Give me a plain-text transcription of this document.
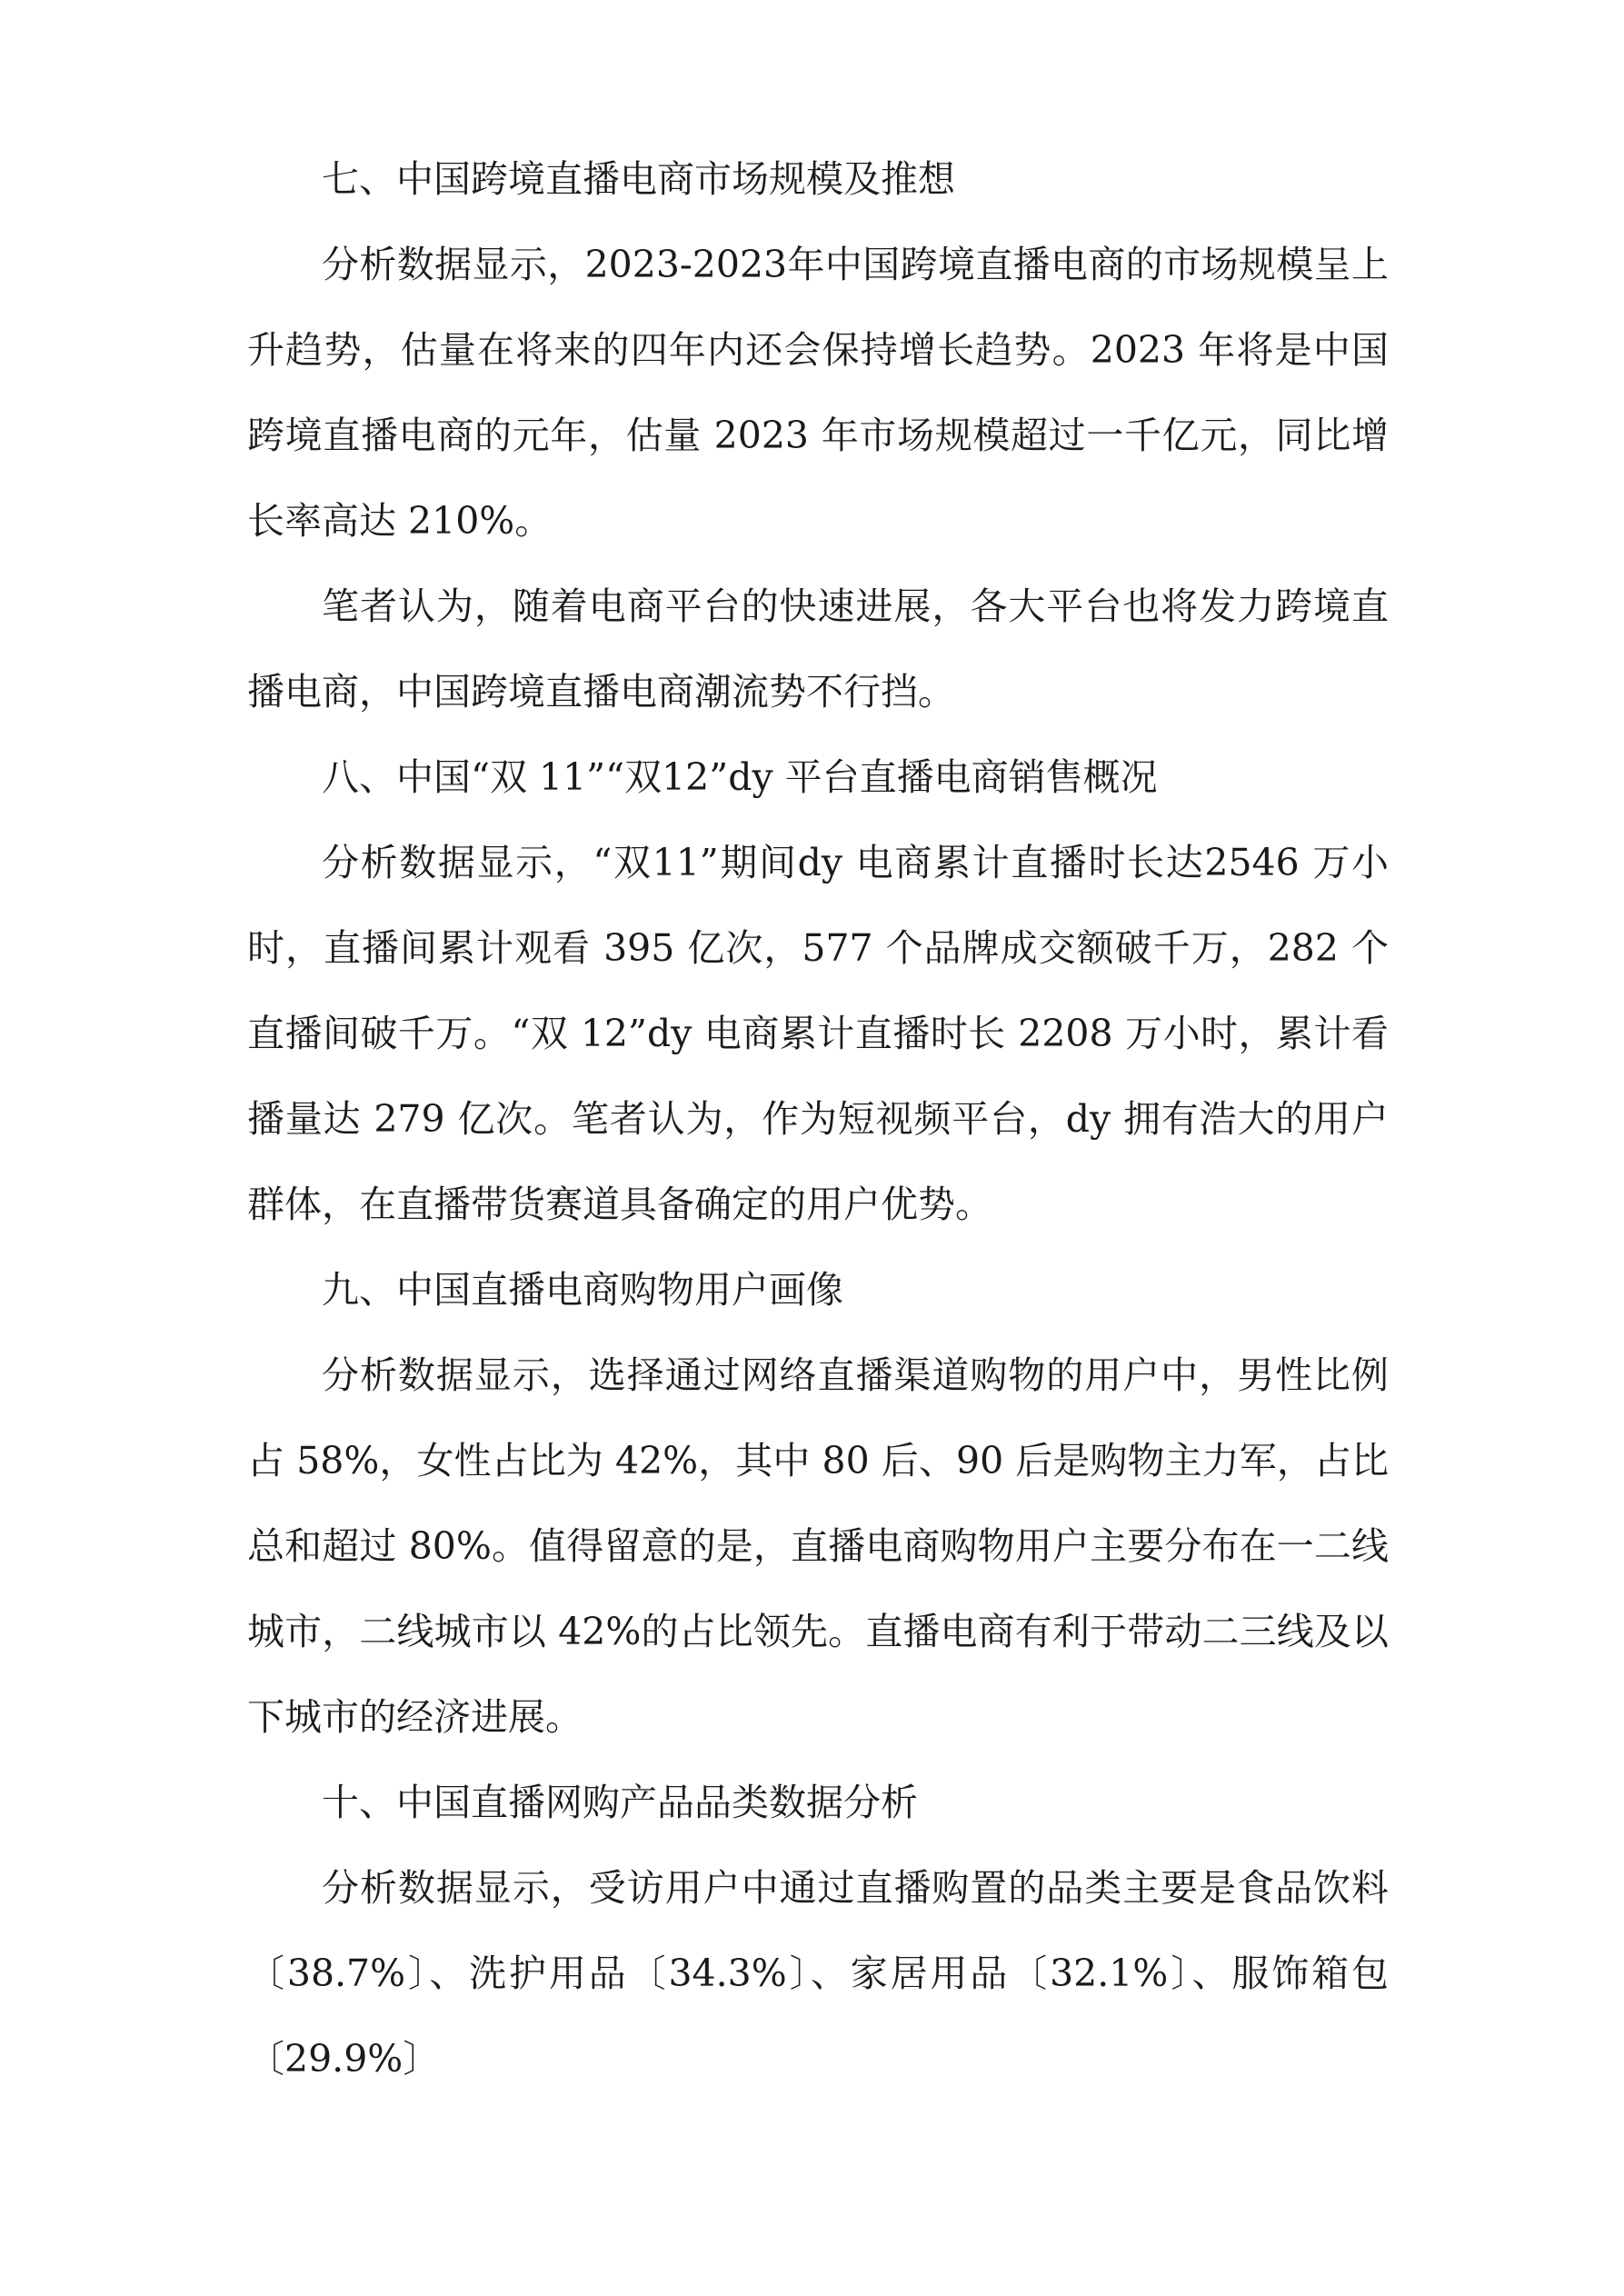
七、中国跨境直播电商市场规模及推想

分析数据显示，2023-2023年中国跨境直播电商的市场规模呈上升趋势，估量在将来的四年内还会保持增长趋势。2023 年将是中国跨境直播电商的元年，估量 2023 年市场规模超过一千亿元，同比增长率高达 210%。

笔者认为，随着电商平台的快速进展，各大平台也将发力跨境直播电商，中国跨境直播电商潮流势不行挡。

八、中国“双 11”“双12”dy 平台直播电商销售概况

分析数据显示，“双11”期间dy 电商累计直播时长达2546 万小时，直播间累计观看 395 亿次，577 个品牌成交额破千万，282 个直播间破千万。“双 12”dy 电商累计直播时长 2208 万小时，累计看播量达 279 亿次。笔者认为，作为短视频平台，dy 拥有浩大的用户群体，在直播带货赛道具备确定的用户优势。

九、中国直播电商购物用户画像

分析数据显示，选择通过网络直播渠道购物的用户中，男性比例占 58%，女性占比为 42%，其中 80 后、90 后是购物主力军，占比总和超过 80%。值得留意的是，直播电商购物用户主要分布在一二线城市，二线城市以 42%的占比领先。直播电商有利于带动二三线及以下城市的经济进展。

十、中国直播网购产品品类数据分析

分析数据显示，受访用户中通过直播购置的品类主要是食品饮料〔38.7%〕、洗护用品〔34.3%〕、家居用品〔32.1%〕、服饰箱包〔29.9%〕
